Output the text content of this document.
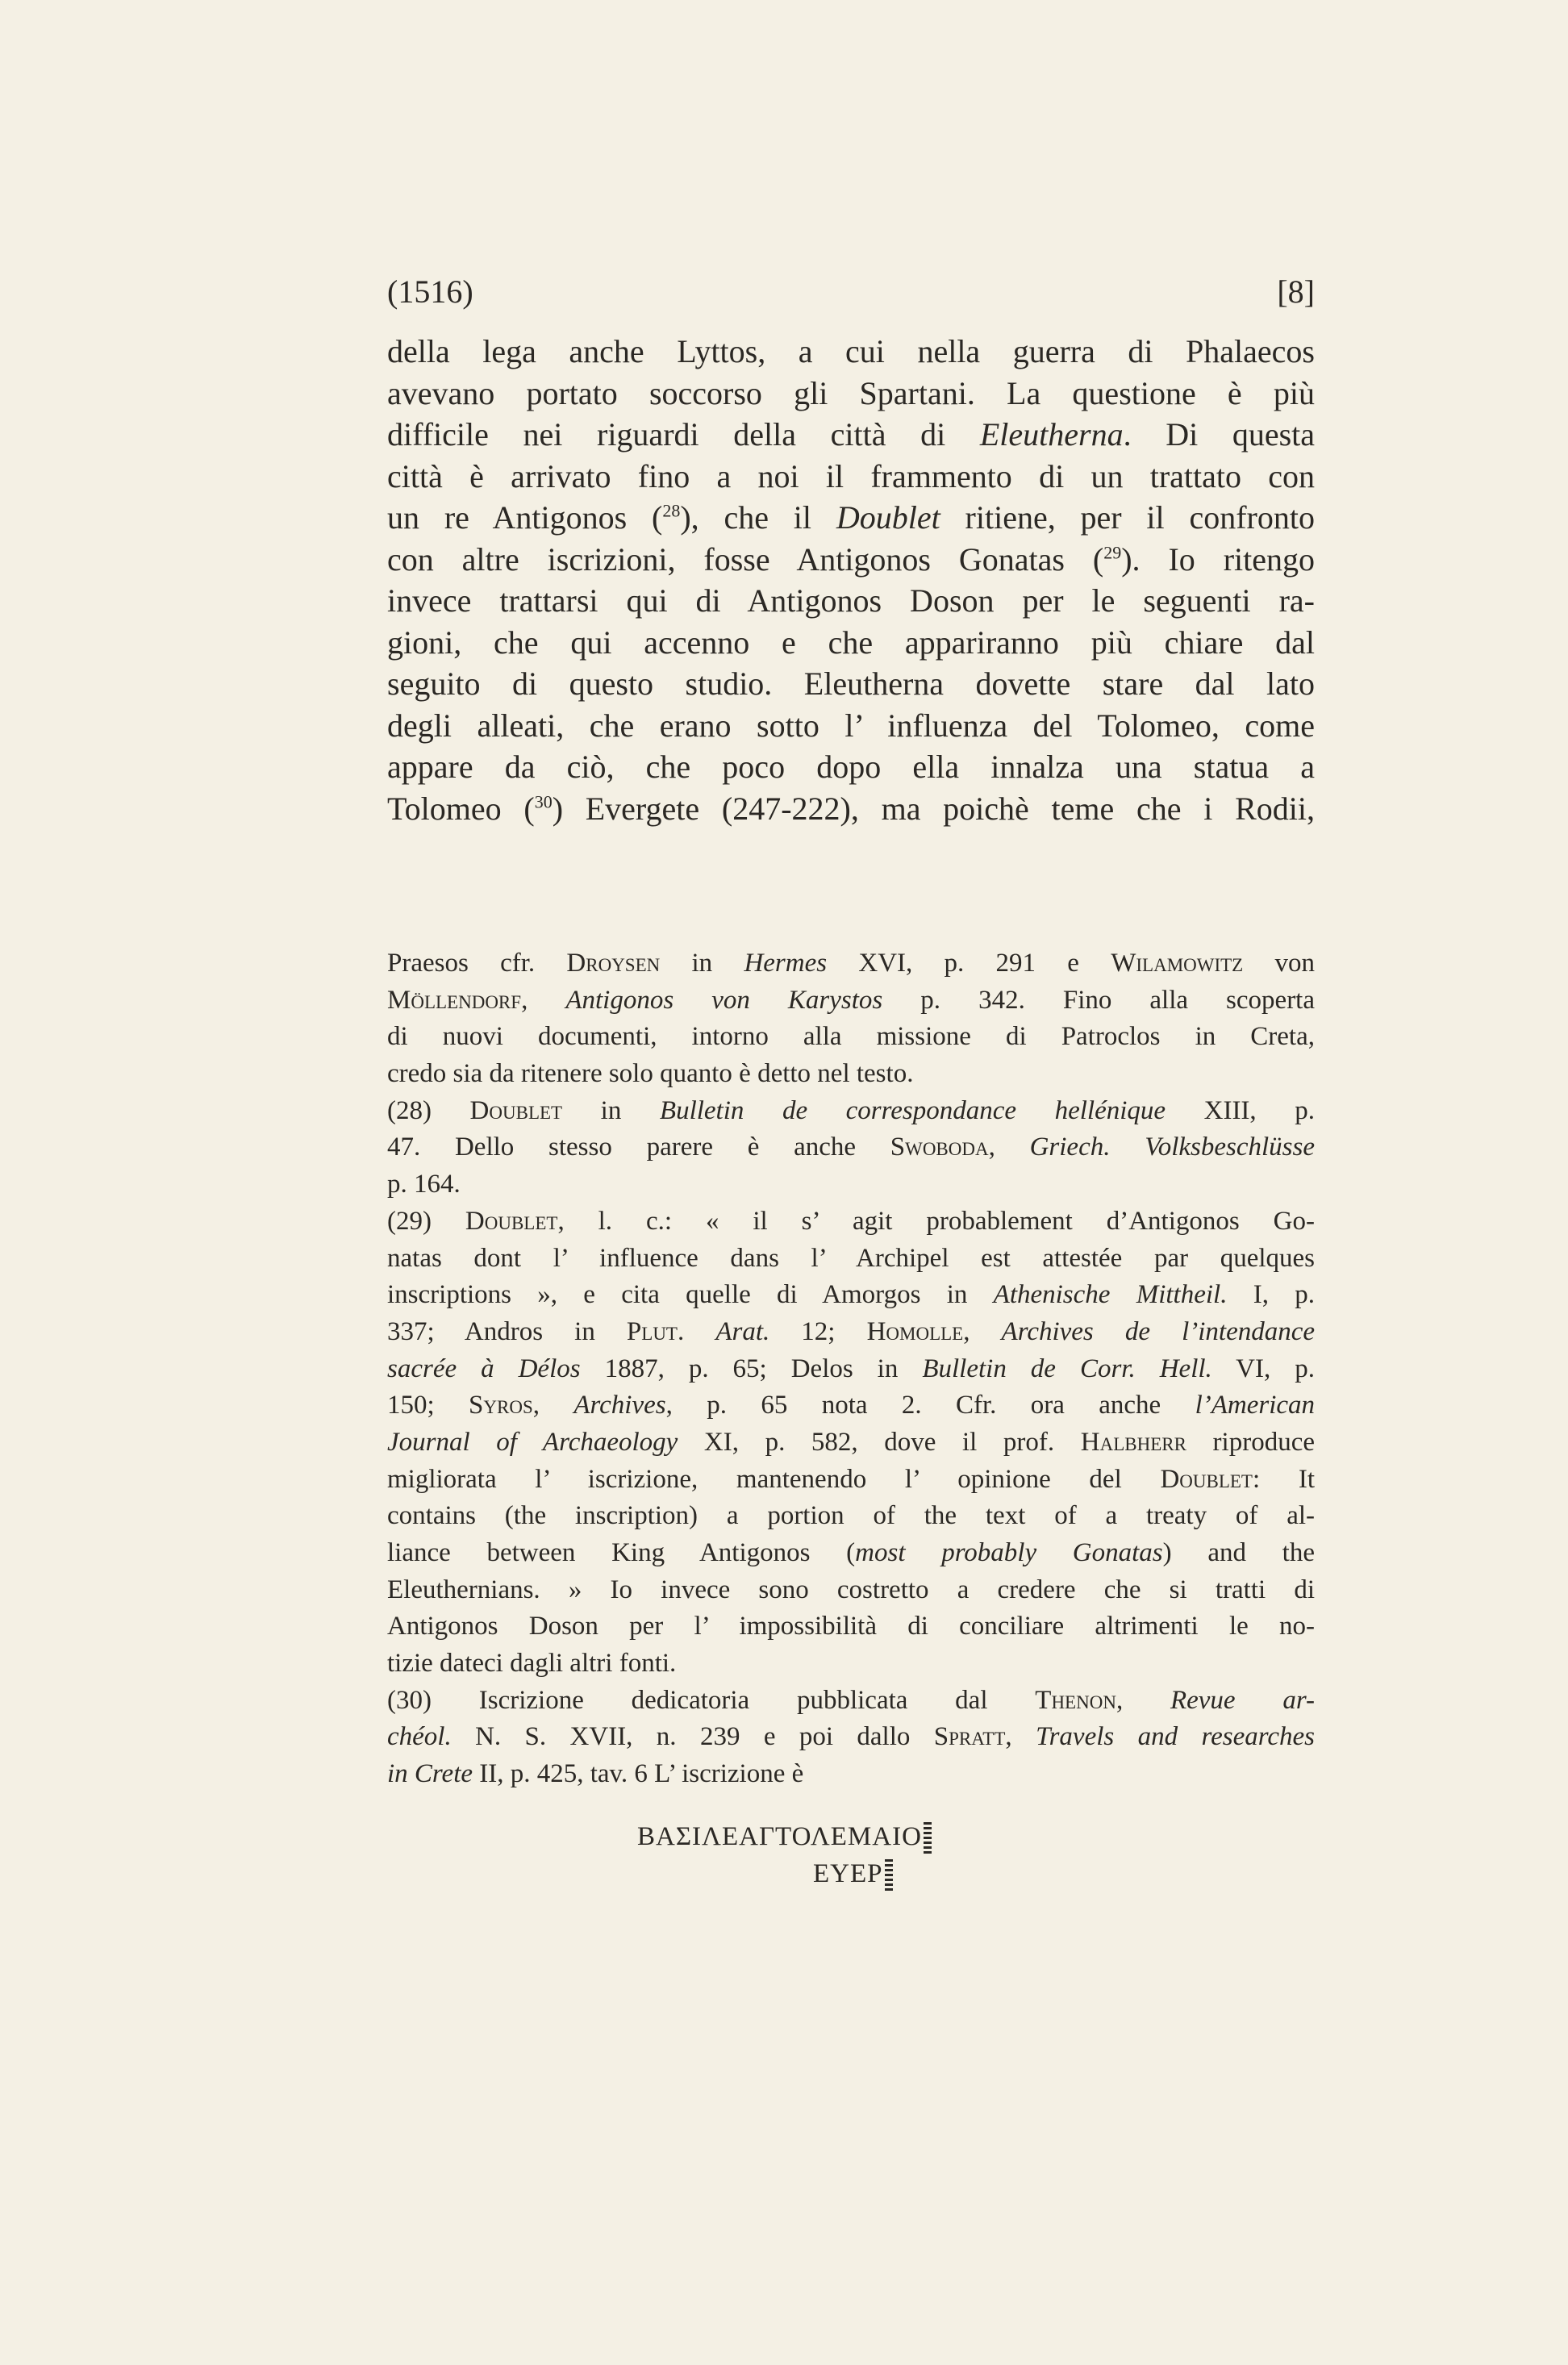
(1516)	[8]
della lega anche Lyttos, a cui nella guerra di Phalaecos
avevano portato soccorso gli Spartani. La questione è più
difficile nei riguardi della città di Eleutherna. Di questa
città è arrivato fino a noi il frammento di un trattato con
un re Antigonos ($^{28}$), che il Doublet ritiene, per il confronto
con altre iscrizioni, fosse Antigonos Gonatas ($^{29}$). Io ritengo
invece trattarsi qui di Antigonos Doson per le seguenti ra-
gioni, che qui accenno e che appariranno più chiare dal
seguito di questo studio. Eleutherna dovette stare dal lato
degli alleati, che erano sotto l’ influenza del Tolomeo, come
appare da ciò, che poco dopo ella innalza una statua a
Tolomeo ($^{30}$) Evergete (247-222), ma poichè teme che i Rodii,
Praesos cfr. Droysen in Hermes XVI, p. 291 e Wilamowitz von
Möllendorf, Antigonos von Karystos p. 342. Fino alla scoperta
di nuovi documenti, intorno alla missione di Patroclos in Creta,
credo sia da ritenere solo quanto è detto nel testo.
(28) Doublet in Bulletin de correspondance hellénique XIII, p.
47. Dello stesso parere è anche Swoboda, Griech. Volksbeschlüsse
p. 164.
(29) Doublet, l. c.: « il s’ agit probablement d’Antigonos Go-
natas dont l’ influence dans l’ Archipel est attestée par quelques
inscriptions », e cita quelle di Amorgos in Athenische Mittheil. I, p.
337; Andros in Plut. Arat. 12; Homolle, Archives de l’intendance
sacrée à Délos 1887, p. 65; Delos in Bulletin de Corr. Hell. VI, p.
150; Syros, Archives, p. 65 nota 2. Cfr. ora anche l’American
Journal of Archaeology XI, p. 582, dove il prof. Halbherr riproduce
migliorata l’ iscrizione, mantenendo l’ opinione del Doublet: It
contains (the inscription) a portion of the text of a treaty of al-
liance between King Antigonos (most probably Gonatas) and the
Eleuthernians. » Io invece sono costretto a credere che si tratti di
Antigonos Doson per l’ impossibilità di conciliare altrimenti le no-
tizie dateci dagli altri fonti.
(30) Iscrizione dedicatoria pubblicata dal Thenon, Revue ar-
chéol. N. S. XVII, n. 239 e poi dallo Spratt, Travels and researches
in Crete II, p. 425, tav. 6 L’ iscrizione è
ΒΑΣΙΛΕΑΓΤΟΛΕΜΑΙΟ
ΕΥΕΡ
